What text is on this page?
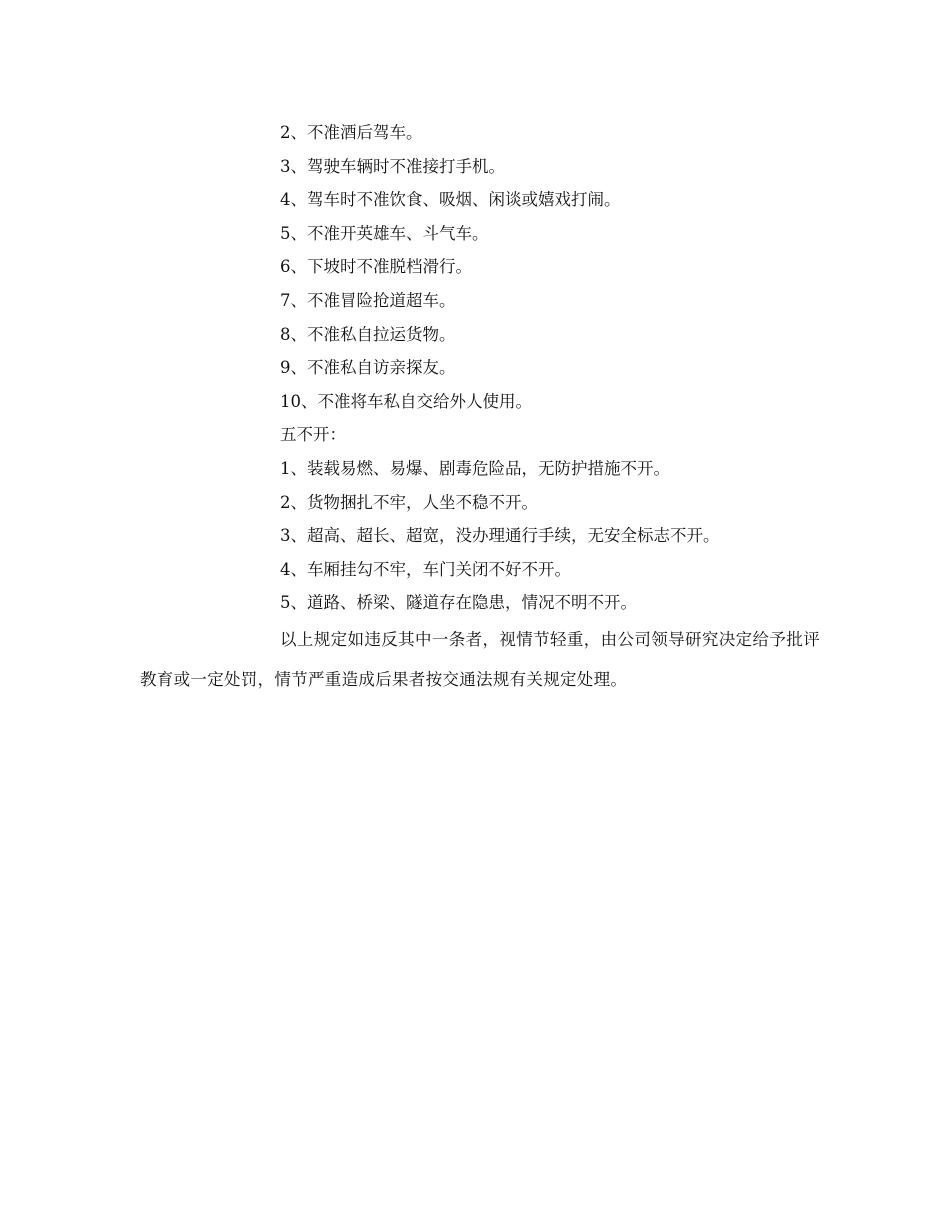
2、不准酒后驾车。
3、驾驶车辆时不准接打手机。
4、驾车时不准饮食、吸烟、闲谈或嬉戏打闹。
5、不准开英雄车、斗气车。
6、下坡时不准脱档滑行。
7、不准冒险抢道超车。
8、不准私自拉运货物。
9、不准私自访亲探友。
10、不准将车私自交给外人使用。
五不开：
1、装载易燃、易爆、剧毒危险品，无防护措施不开。
2、货物捆扎不牢，人坐不稳不开。
3、超高、超长、超宽，没办理通行手续，无安全标志不开。
4、车厢挂勾不牢，车门关闭不好不开。
5、道路、桥梁、隧道存在隐患，情况不明不开。
以上规定如违反其中一条者，视情节轻重，由公司领导研究决定给予批评教育或一定处罚，情节严重造成后果者按交通法规有关规定处理。
